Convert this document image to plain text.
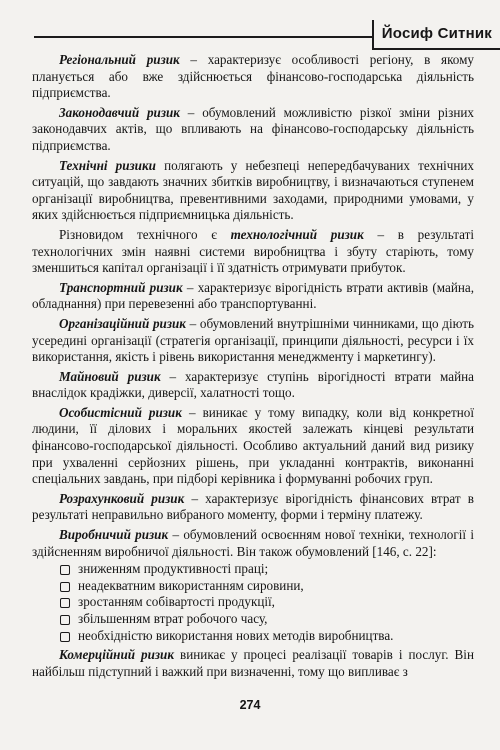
Йосиф Ситник

Регіональний ризик – характеризує особливості регіону, в якому планується або вже здійснюється фінансово-господарська діяльність підприємства.

Законодавчий ризик – обумовлений можливістю різкої зміни різних законодавчих актів, що впливають на фінансово-господарську діяльність підприємства.

Технічні ризики полягають у небезпеці непередбачуваних технічних ситуацій, що завдають значних збитків виробництву, і визначаються ступенем організації виробництва, превентивними заходами, природними умовами, у яких здійснюється підприємницька діяльність.

Різновидом технічного є технологічний ризик – в результаті технологічних змін наявні системи виробництва і збуту старіють, тому зменшиться капітал організації і її здатність отримувати прибуток.

Транспортний ризик – характеризує вірогідність втрати активів (майна, обладнання) при перевезенні або транспортуванні.

Організаційний ризик – обумовлений внутрішніми чинниками, що діють усередині організації (стратегія організації, принципи діяльності, ресурси і їх використання, якість і рівень використання менеджменту і маркетингу).

Майновий ризик – характеризує ступінь вірогідності втрати майна внаслідок крадіжки, диверсії, халатності тощо.

Особистісний ризик – виникає у тому випадку, коли від конкретної людини, її ділових і моральних якостей залежать кінцеві результати фінансово-господарської діяльності. Особливо актуальний даний вид ризику при ухваленні серйозних рішень, при укладанні контрактів, виконанні спеціальних завдань, при підборі керівника і формуванні робочих груп.

Розрахунковий ризик – характеризує вірогідність фінансових втрат в результаті неправильно вибраного моменту, форми і терміну платежу.

Виробничий ризик – обумовлений освоєнням нової техніки, технології і здійсненням виробничої діяльності. Він також обумовлений [146, с. 22]:

зниженням продуктивності праці;
неадекватним використанням сировини,
зростанням собівартості продукції,
збільшенням втрат робочого часу,
необхідністю використання нових методів виробництва.

Комерційний ризик виникає у процесі реалізації товарів і послуг. Він найбільш підступний і важкий при визначенні, тому що випливає з

274
